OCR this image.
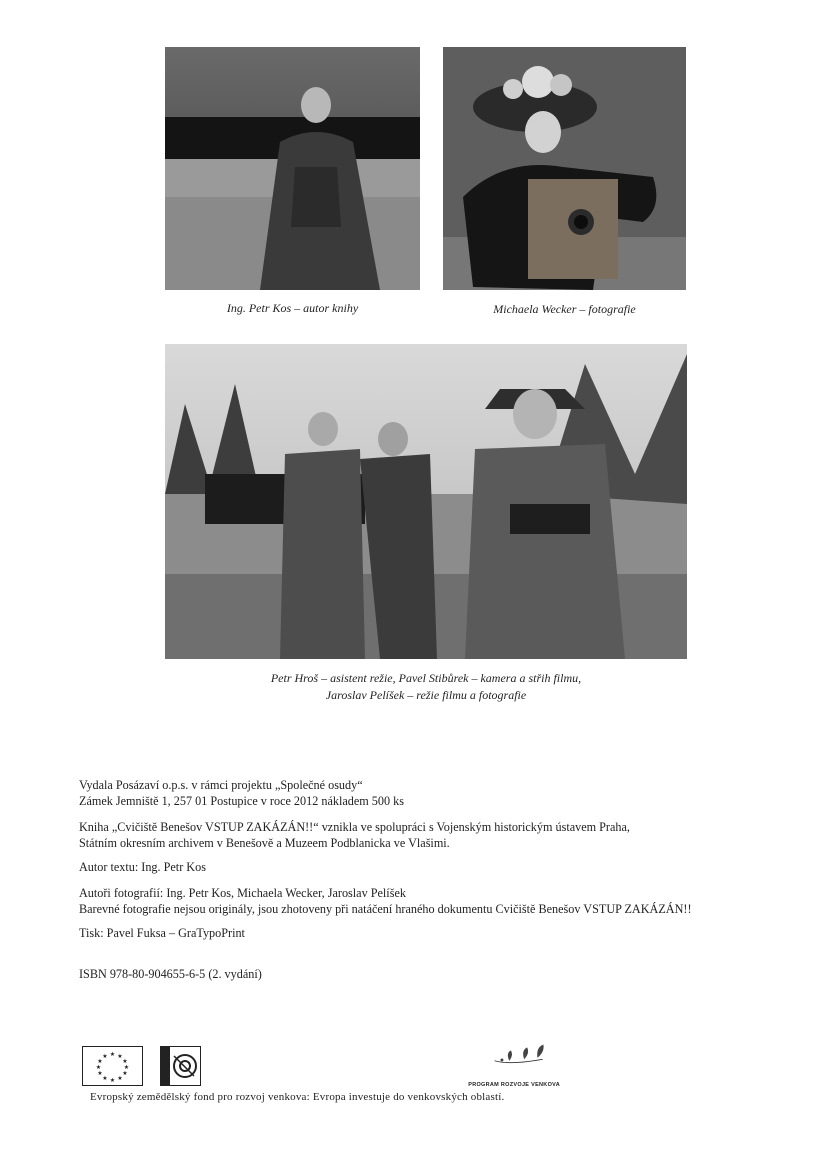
Ing. Petr Kos – autor knihy	Michaela Wecker – fotografie
Petr Hroš – asistent režie, Pavel Stibůrek – kamera a střih filmu,
Jaroslav Pelíšek – režie filmu a fotografie

Vydala Posázaví o.p.s. v rámci projektu „Společné osudy“

Zámek Jemniště 1, 257 01 Postupice v roce 2012 nákladem 500 ks

Kniha „Cvičiště Benešov VSTUP ZAKÁZÁN!!“ vznikla ve spolupráci s Vojenským historickým ústavem Praha,

Státním okresním archivem v Benešově a Muzeem Podblanicka ve Vlašimi.

Autor textu: Ing. Petr Kos

Autoři fotografií: Ing. Petr Kos, Michaela Wecker, Jaroslav Pelíšek

Barevné fotografie nejsou originály, jsou zhotoveny při natáčení hraného dokumentu Cvičiště Benešov VSTUP ZAKÁZÁN!!

Tisk: Pavel Fuksa – GraTypoPrint

ISBN 978-80-904655-6-5 (2. vydání)

★ ★
★
★
★
★
★
★
★
★
★
★
PROGRAM ROZVOJE VENKOVA
Evropský zemědělský fond pro rozvoj venkova: Evropa investuje do venkovských oblastí.
